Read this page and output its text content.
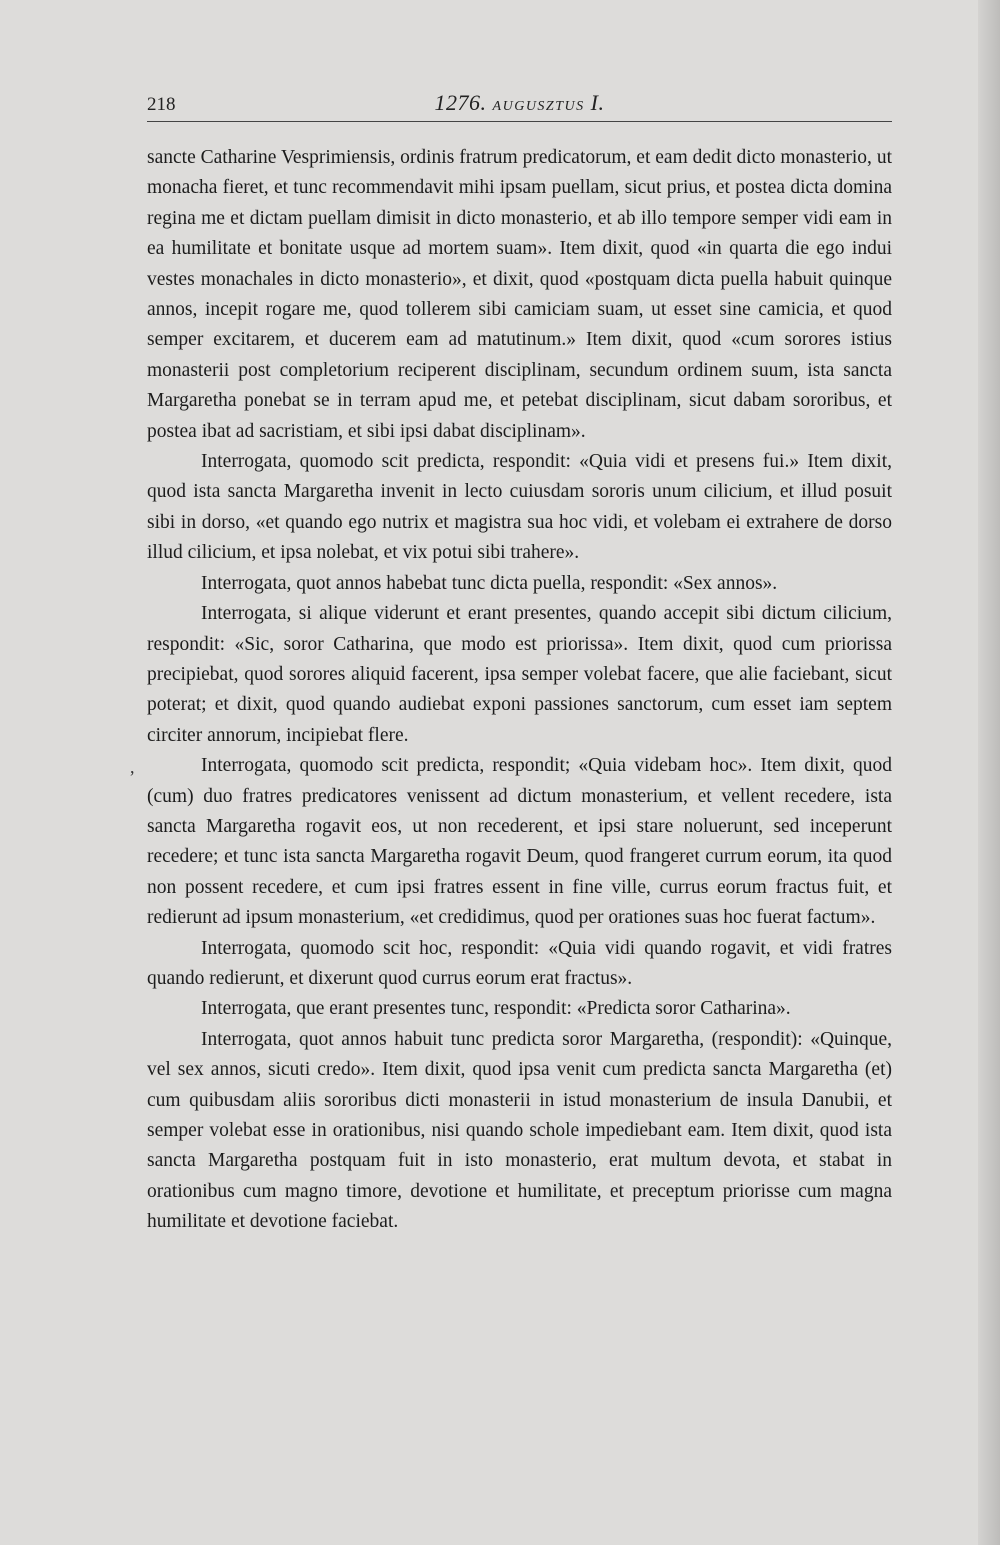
218	1276. AUGUSZTUS I.
,

sancte Catharine Vesprimiensis, ordinis fratrum predicatorum, et eam dedit dicto monasterio, ut monacha fieret, et tunc recommendavit mihi ipsam puellam, sicut prius, et postea dicta domina regina me et dictam puellam dimisit in dicto monasterio, et ab illo tempore semper vidi eam in ea humilitate et bonitate usque ad mortem suam». Item dixit, quod «in quarta die ego indui vestes monachales in dicto monasterio», et dixit, quod «postquam dicta puella habuit quinque annos, incepit rogare me, quod tollerem sibi camiciam suam, ut esset sine camicia, et quod semper excitarem, et ducerem eam ad matutinum.» Item dixit, quod «cum sorores istius monasterii post completorium reciperent disciplinam, secundum ordinem suum, ista sancta Margaretha ponebat se in terram apud me, et petebat disciplinam, sicut dabam sororibus, et postea ibat ad sacristiam, et sibi ipsi dabat disciplinam».

Interrogata, quomodo scit predicta, respondit: «Quia vidi et presens fui.» Item dixit, quod ista sancta Margaretha invenit in lecto cuiusdam sororis unum cilicium, et illud posuit sibi in dorso, «et quando ego nutrix et magistra sua hoc vidi, et volebam ei extrahere de dorso illud cilicium, et ipsa nolebat, et vix potui sibi trahere».

Interrogata, quot annos habebat tunc dicta puella, respondit: «Sex annos».

Interrogata, si alique viderunt et erant presentes, quando accepit sibi dictum cilicium, respondit: «Sic, soror Catharina, que modo est priorissa». Item dixit, quod cum priorissa precipiebat, quod sorores aliquid facerent, ipsa semper volebat facere, que alie faciebant, sicut poterat; et dixit, quod quando audiebat exponi passiones sanctorum, cum esset iam septem circiter annorum, incipiebat flere.

Interrogata, quomodo scit predicta, respondit; «Quia videbam hoc». Item dixit, quod (cum) duo fratres predicatores venissent ad dictum monasterium, et vellent recedere, ista sancta Margaretha rogavit eos, ut non recederent, et ipsi stare noluerunt, sed inceperunt recedere; et tunc ista sancta Margaretha rogavit Deum, quod frangeret currum eorum, ita quod non possent recedere, et cum ipsi fratres essent in fine ville, currus eorum fractus fuit, et redierunt ad ipsum monasterium, «et credidimus, quod per orationes suas hoc fuerat factum».

Interrogata, quomodo scit hoc, respondit: «Quia vidi quando rogavit, et vidi fratres quando redierunt, et dixerunt quod currus eorum erat fractus».

Interrogata, que erant presentes tunc, respondit: «Predicta soror Catharina».

Interrogata, quot annos habuit tunc predicta soror Margaretha, (respondit): «Quinque, vel sex annos, sicuti credo». Item dixit, quod ipsa venit cum predicta sancta Margaretha (et) cum quibusdam aliis sororibus dicti monasterii in istud monasterium de insula Danubii, et semper volebat esse in orationibus, nisi quando schole impediebant eam. Item dixit, quod ista sancta Margaretha postquam fuit in isto monasterio, erat multum devota, et stabat in orationibus cum magno timore, devotione et humilitate, et preceptum priorisse cum magna humilitate et devotione faciebat.
